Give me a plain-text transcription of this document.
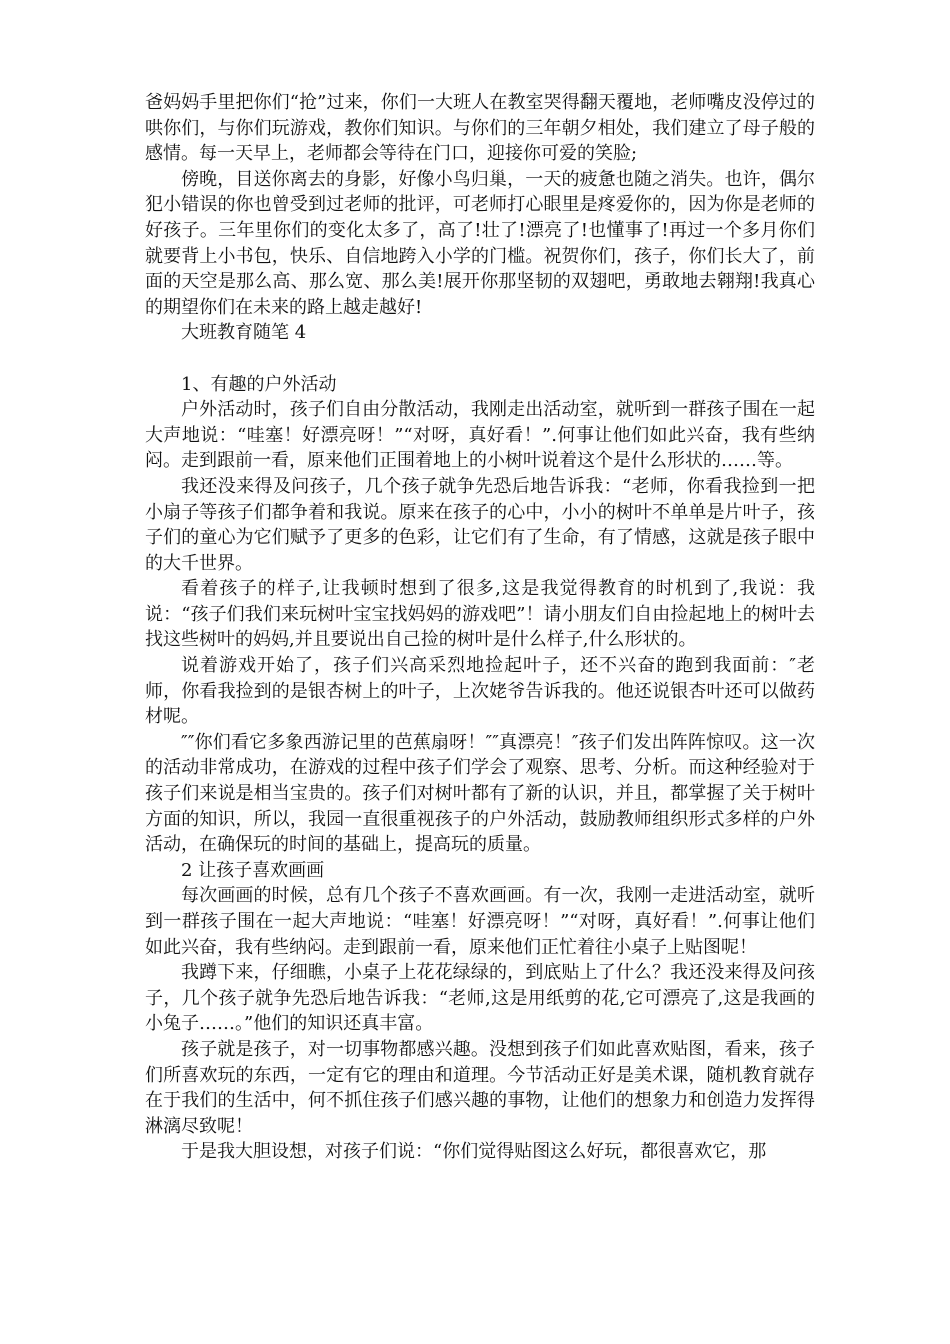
爸妈妈手里把你们“抢”过来，你们一大班人在教室哭得翻天覆地，老师嘴皮没停过的哄你们，与你们玩游戏，教你们知识。与你们的三年朝夕相处，我们建立了母子般的感情。每一天早上，老师都会等待在门口，迎接你可爱的笑脸;

傍晚，目送你离去的身影，好像小鸟归巢，一天的疲惫也随之消失。也许，偶尔犯小错误的你也曾受到过老师的批评，可老师打心眼里是疼爱你的，因为你是老师的好孩子。三年里你们的变化太多了，高了!壮了!漂亮了!也懂事了!再过一个多月你们就要背上小书包，快乐、自信地跨入小学的门槛。祝贺你们，孩子，你们长大了，前面的天空是那么高、那么宽、那么美!展开你那坚韧的双翅吧，勇敢地去翱翔!我真心的期望你们在未来的路上越走越好!

大班教育随笔 4
1、有趣的户外活动

户外活动时，孩子们自由分散活动，我刚走出活动室，就听到一群孩子围在一起大声地说：“哇塞！好漂亮呀！”“对呀，真好看！”.何事让他们如此兴奋，我有些纳闷。走到跟前一看，原来他们正围着地上的小树叶说着这个是什么形状的……等。

我还没来得及问孩子，几个孩子就争先恐后地告诉我：“老师，你看我捡到一把小扇子等孩子们都争着和我说。原来在孩子的心中，小小的树叶不单单是片叶子，孩子们的童心为它们赋予了更多的色彩，让它们有了生命，有了情感，这就是孩子眼中的大千世界。

看着孩子的样子,让我顿时想到了很多,这是我觉得教育的时机到了,我说：我说：“孩子们我们来玩树叶宝宝找妈妈的游戏吧”！请小朋友们自由捡起地上的树叶去找这些树叶的妈妈,并且要说出自己捡的树叶是什么样子,什么形状的。

说着游戏开始了，孩子们兴高采烈地捡起叶子，还不兴奋的跑到我面前：″老师，你看我捡到的是银杏树上的叶子，上次姥爷告诉我的。他还说银杏叶还可以做药材呢。

″″你们看它多象西游记里的芭蕉扇呀！″″真漂亮！″孩子们发出阵阵惊叹。这一次的活动非常成功，在游戏的过程中孩子们学会了观察、思考、分析。而这种经验对于孩子们来说是相当宝贵的。孩子们对树叶都有了新的认识，并且，都掌握了关于树叶方面的知识，所以，我园一直很重视孩子的户外活动，鼓励教师组织形式多样的户外活动，在确保玩的时间的基础上，提高玩的质量。

2 让孩子喜欢画画

每次画画的时候，总有几个孩子不喜欢画画。有一次，我刚一走进活动室，就听到一群孩子围在一起大声地说：“哇塞！好漂亮呀！”“对呀，真好看！”.何事让他们如此兴奋，我有些纳闷。走到跟前一看，原来他们正忙着往小桌子上贴图呢！

我蹲下来，仔细瞧，小桌子上花花绿绿的，到底贴上了什么？我还没来得及问孩子，几个孩子就争先恐后地告诉我：“老师,这是用纸剪的花,它可漂亮了,这是我画的小兔子……。”他们的知识还真丰富。

孩子就是孩子，对一切事物都感兴趣。没想到孩子们如此喜欢贴图，看来，孩子们所喜欢玩的东西，一定有它的理由和道理。今节活动正好是美术课，随机教育就存在于我们的生活中，何不抓住孩子们感兴趣的事物，让他们的想象力和创造力发挥得淋漓尽致呢！

于是我大胆设想，对孩子们说：“你们觉得贴图这么好玩，都很喜欢它，那
